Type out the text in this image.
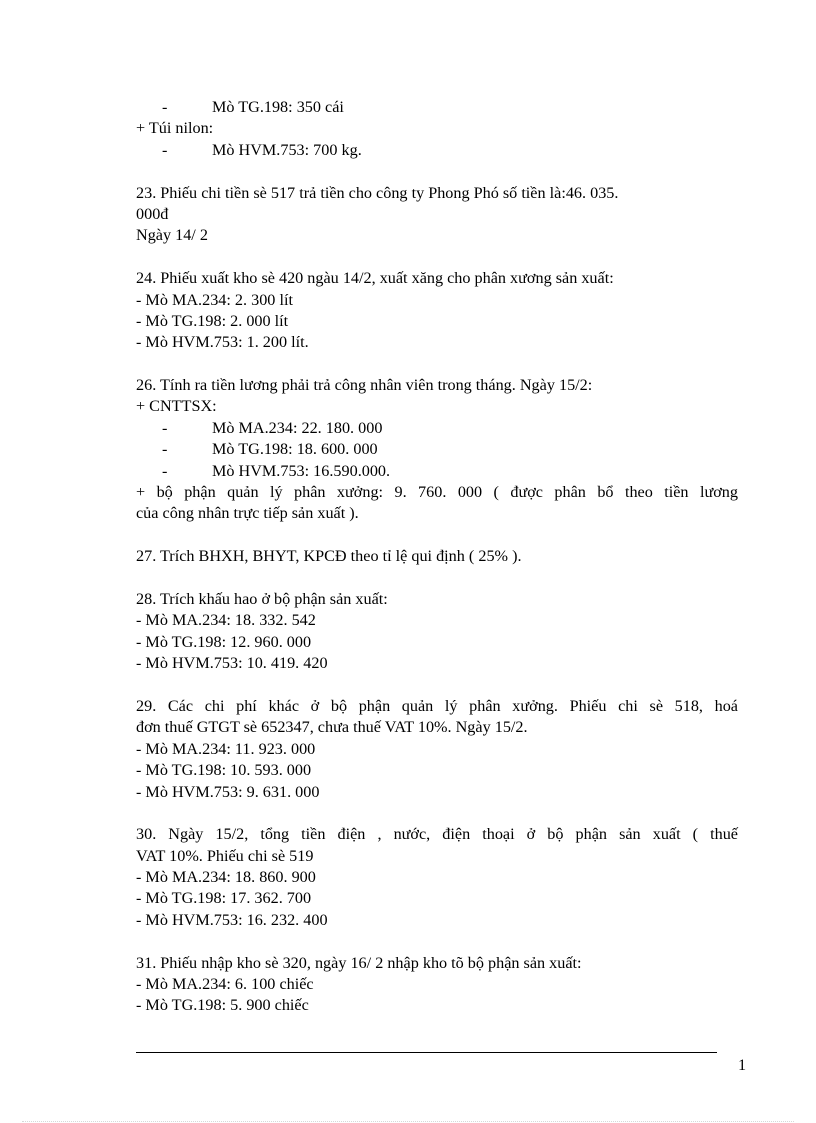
-	Mò TG.198: 350 cái
+ Túi nilon:
-	Mò HVM.753: 700 kg.
23. Phiếu chi tiền sè 517 trả tiền cho công ty Phong Phó số tiền là:46. 035.
000đ
Ngày 14/ 2
24. Phiếu xuất kho sè 420 ngàu 14/2, xuất xăng cho phân xương sản xuất:
- Mò MA.234: 2. 300 lít
- Mò TG.198: 2. 000 lít
- Mò HVM.753: 1. 200 lít.
26. Tính ra tiền lương phải trả công nhân viên trong tháng. Ngày 15/2:
+ CNTTSX:
-	Mò MA.234: 22. 180. 000
-	Mò TG.198: 18. 600. 000
-	Mò HVM.753: 16.590.000.
+ bộ phận quản lý phân xưởng: 9. 760. 000 ( được phân bổ theo tiền lương
của công nhân trực tiếp sản xuất ).
27. Trích BHXH, BHYT, KPCĐ theo tỉ lệ qui định ( 25% ).
28. Trích khấu hao ở bộ phận sản xuất:
- Mò MA.234: 18. 332. 542
- Mò TG.198: 12. 960. 000
- Mò HVM.753: 10. 419. 420
29. Các chi phí khác ở bộ phận quản lý phân xưởng. Phiếu chi sè 518, hoá
đơn thuế GTGT sè 652347, chưa thuế VAT 10%. Ngày 15/2.
- Mò MA.234: 11. 923. 000
- Mò TG.198: 10. 593. 000
- Mò HVM.753: 9. 631. 000
30. Ngày 15/2, tổng tiền điện , nước, điện thoại ở bộ phận sản xuất ( thuế
VAT 10%. Phiếu chi sè 519
- Mò MA.234: 18. 860. 900
- Mò TG.198: 17. 362. 700
- Mò HVM.753: 16. 232. 400
31. Phiếu nhập kho sè 320, ngày 16/ 2 nhập kho tõ bộ phận sản xuất:
- Mò MA.234: 6. 100 chiếc
- Mò TG.198: 5. 900 chiếc
1
